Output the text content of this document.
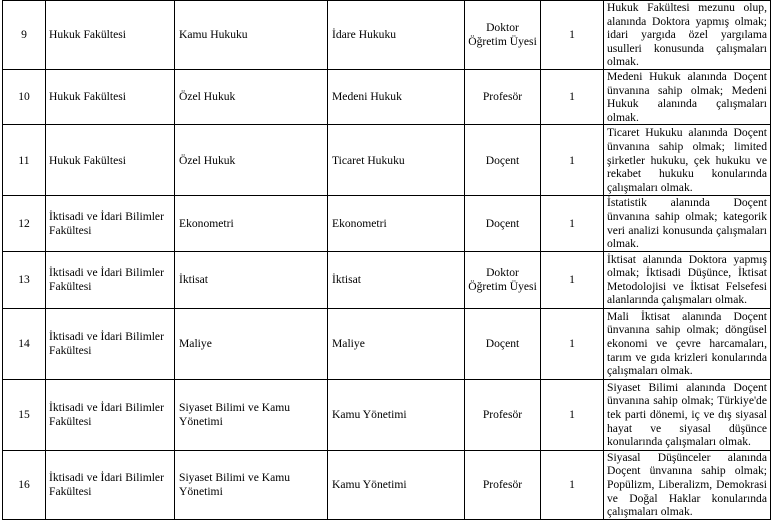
9	Hukuk Fakültesi	Kamu Hukuku	İdare Hukuku	Doktor Öğretim Üyesi	1	Hukuk Fakültesi mezunu olup, alanında Doktora yapmış olmak; idari yargıda özel yargılama usulleri konusunda çalışmaları olmak.
10	Hukuk Fakültesi	Özel Hukuk	Medeni Hukuk	Profesör	1	Medeni Hukuk alanında Doçent ünvanına sahip olmak; Medeni Hukuk alanında çalışmaları olmak.
11	Hukuk Fakültesi	Özel Hukuk	Ticaret Hukuku	Doçent	1	Ticaret Hukuku alanında Doçent ünvanına sahip olmak; limited şirketler hukuku, çek hukuku ve rekabet hukuku konularında çalışmaları olmak.
12	İktisadi ve İdari Bilimler Fakültesi	Ekonometri	Ekonometri	Doçent	1	İstatistik alanında Doçent ünvanına sahip olmak; kategorik veri analizi konusunda çalışmaları olmak.
13	İktisadi ve İdari Bilimler Fakültesi	İktisat	İktisat	Doktor Öğretim Üyesi	1	İktisat alanında Doktora yapmış olmak; İktisadi Düşünce, İktisat Metodolojisi ve İktisat Felsefesi alanlarında çalışmaları olmak.
14	İktisadi ve İdari Bilimler Fakültesi	Maliye	Maliye	Doçent	1	Mali İktisat alanında Doçent ünvanına sahip olmak; döngüsel ekonomi ve çevre harcamaları, tarım ve gıda krizleri konularında çalışmaları olmak.
15	İktisadi ve İdari Bilimler Fakültesi	Siyaset Bilimi ve Kamu Yönetimi	Kamu Yönetimi	Profesör	1	Siyaset Bilimi alanında Doçent ünvanına sahip olmak; Türkiye'de tek parti dönemi, iç ve dış siyasal hayat ve siyasal düşünce konularında çalışmaları olmak.
16	İktisadi ve İdari Bilimler Fakültesi	Siyaset Bilimi ve Kamu Yönetimi	Kamu Yönetimi	Profesör	1	Siyasal Düşünceler alanında Doçent ünvanına sahip olmak; Popülizm, Liberalizm, Demokrasi ve Doğal Haklar konularında çalışmaları olmak.
